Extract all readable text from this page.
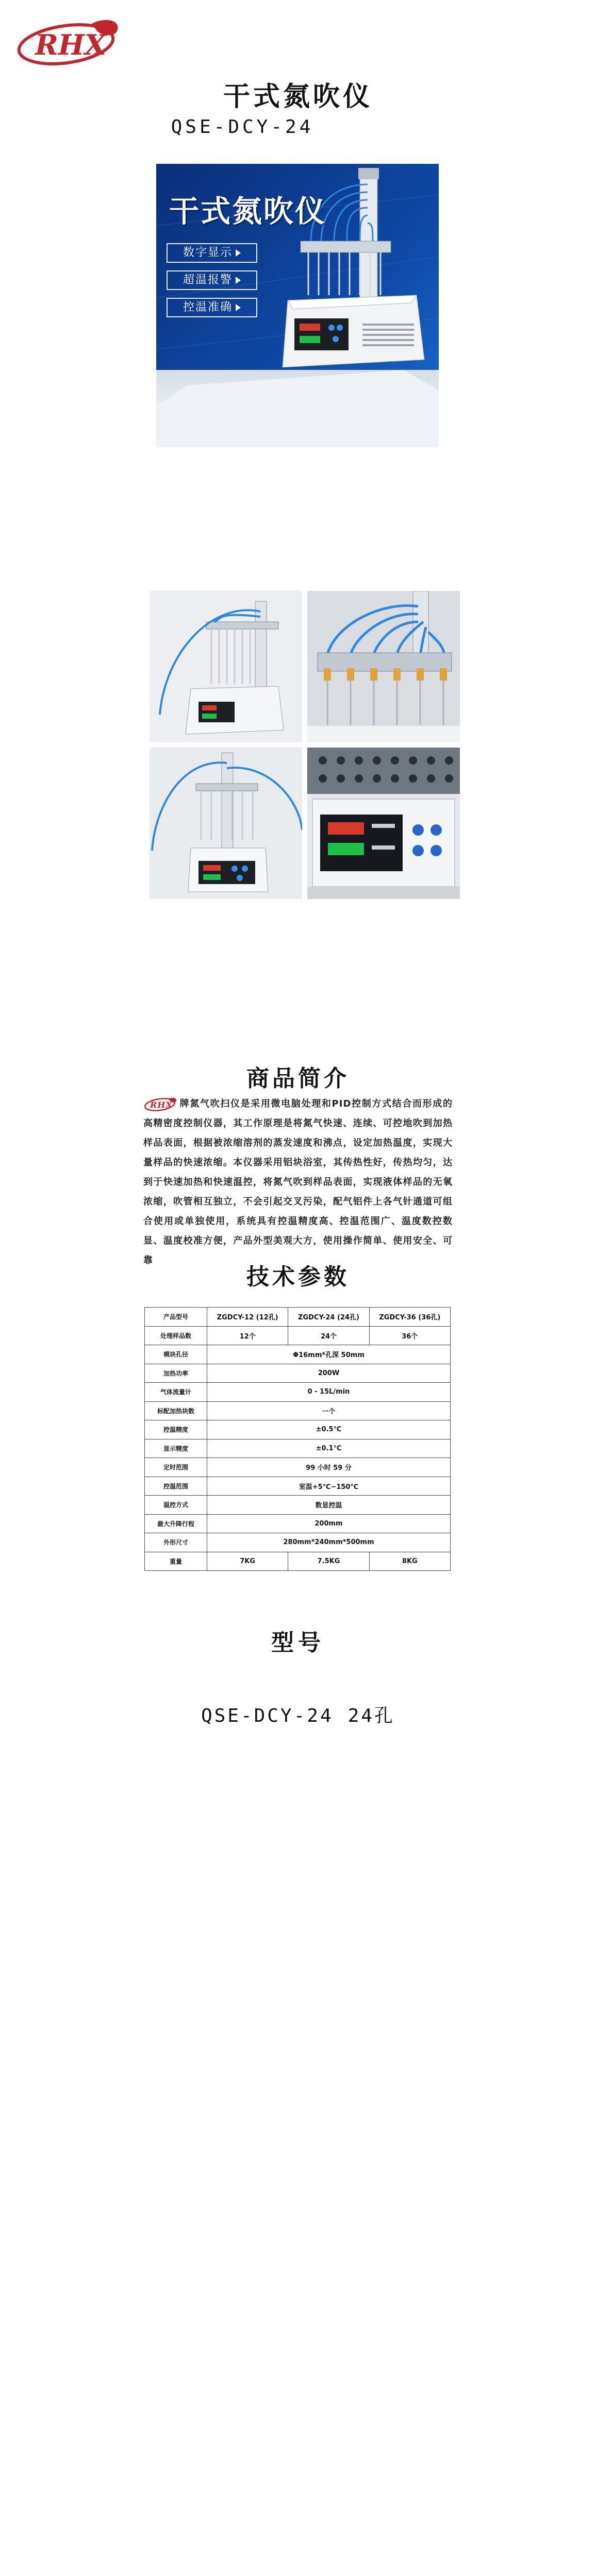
RHX
干式氮吹仪
QSE-DCY-24
干式氮吹仪
数字显示
超温报警
控温准确
商品简介
RHX 牌氮气吹扫仪是采用微电脑处理和PID控制方式结合而形成的高精密度控制仪器，其工作原理是将氮气快速、连续、可控地吹到加热样品表面，根据被浓缩溶剂的蒸发速度和沸点，设定加热温度，实现大量样品的快速浓缩。本仪器采用铝块浴室，其传热性好，传热均匀，达到于快速加热和快速温控，将氮气吹到样品表面，实现液体样品的无氧浓缩，吹管相互独立，不会引起交叉污染，配气铝件上各气针通道可组合使用或单独使用，系统具有控温精度高、控温范围广、温度数控数显、温度校准方便，产品外型美观大方，使用操作简单、使用安全、可靠
技术参数
产品型号	ZGDCY-12 (12孔)	ZGDCY-24 (24孔)	ZGDCY-36 (36孔)
处理样品数	12个	24个	36个
模块孔径	Φ16mm*孔深 50mm		
加热功率	200W		
气体流量计	0 - 15L/min		
标配加热块数	一个		
控温精度	±0.5℃		
显示精度	±0.1℃		
定时范围	99 小时 59 分		
控温范围	室温+5℃~150℃		
温控方式	数显控温		
最大升降行程	200mm		
外形尺寸	280mm*240mm*500mm		
重量	7KG	7.5KG	8KG
型号
QSE-DCY-24 24孔
